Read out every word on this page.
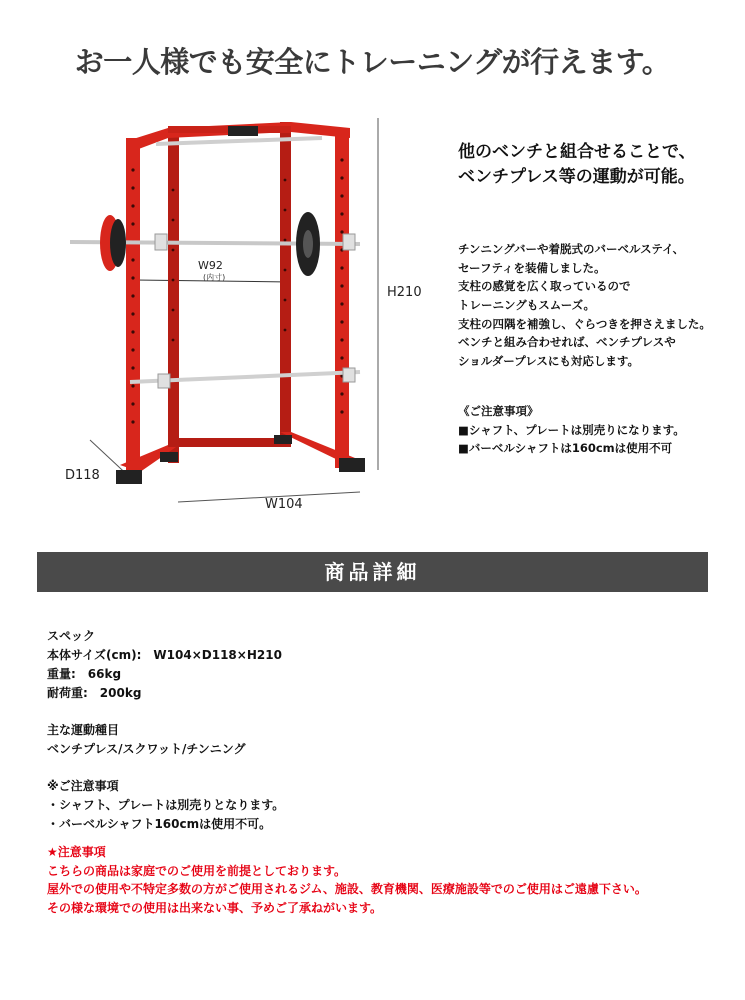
お一人様でも安全にトレーニングが行えます。
H210
W104
D118
W92
(内寸)
他のベンチと組合せることで、
ベンチプレス等の運動が可能。
チンニングバーや着脱式のバーベルステイ、
セーフティを装備しました。
支柱の感覚を広く取っているので
トレーニングもスムーズ。
支柱の四隅を補強し、ぐらつきを押さえました。
ベンチと組み合わせれば、ベンチプレスや
ショルダープレスにも対応します。
《ご注意事項》
■シャフト、プレートは別売りになります。
■バーベルシャフトは160cmは使用不可
商品詳細
スペック
本体サイズ(cm):　W104×D118×H210
重量:　66kg
耐荷重:　200kg
主な運動種目
ベンチプレス/スクワット/チンニング
※ご注意事項
・シャフト、プレートは別売りとなります。
・バーベルシャフト160cmは使用不可。
★注意事項
こちらの商品は家庭でのご使用を前提としております。
屋外での使用や不特定多数の方がご使用されるジム、施設、教育機関、医療施設等でのご使用はご遠慮下さい。
その様な環境での使用は出来ない事、予めご了承ねがいます。
